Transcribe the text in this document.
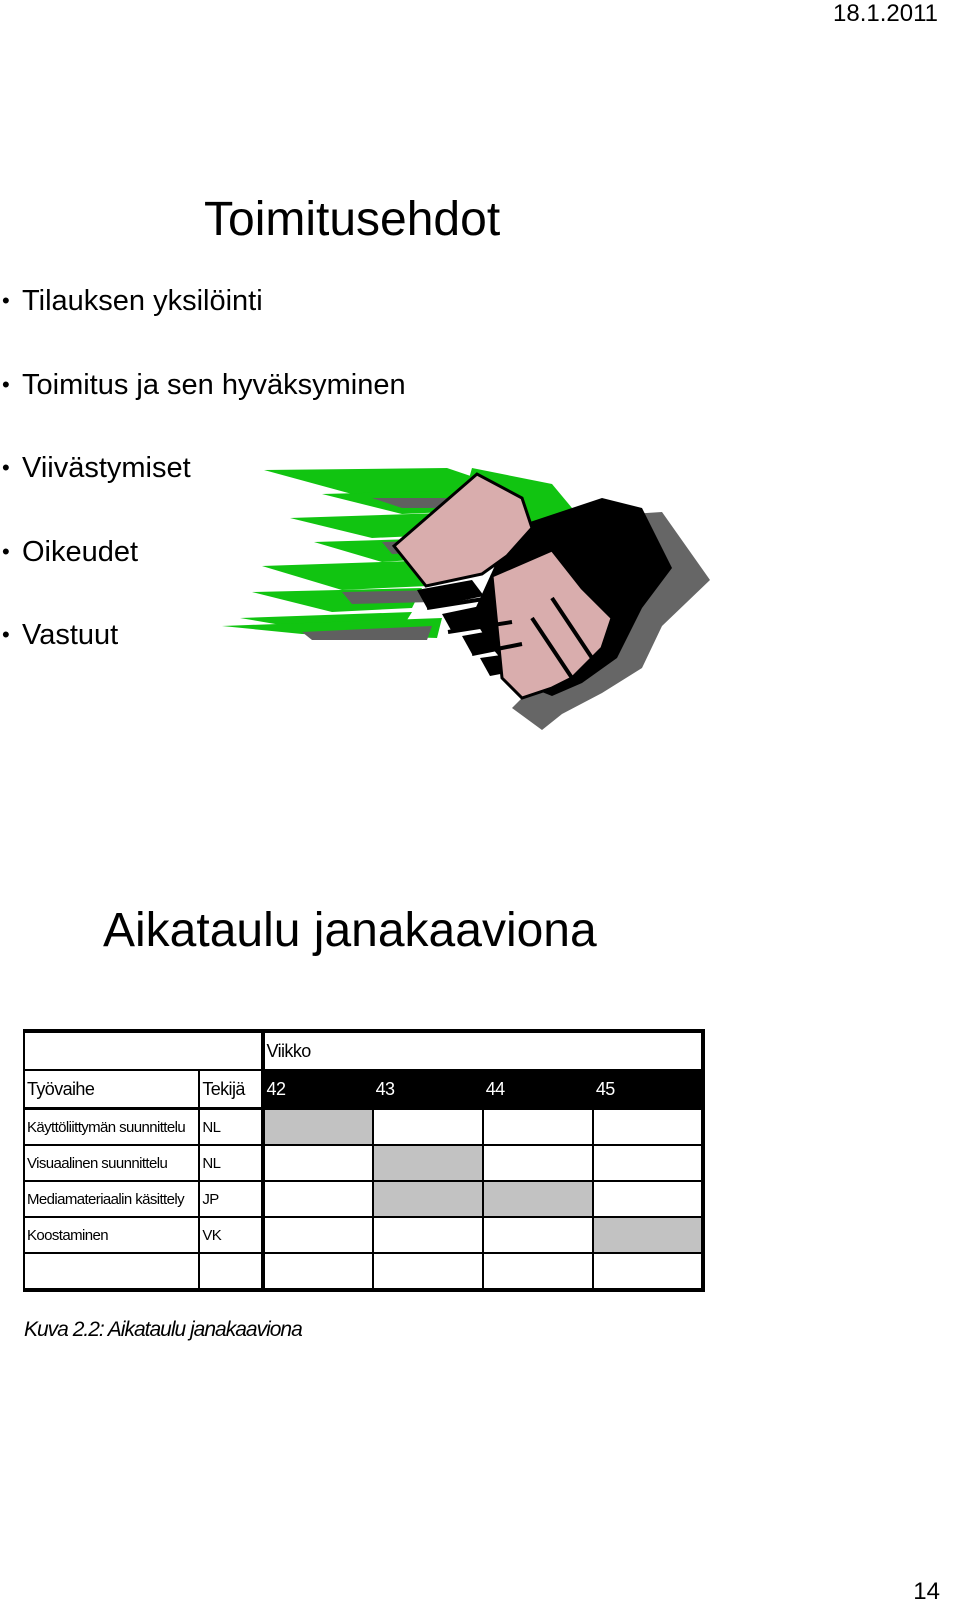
18.1.2011
Toimitusehdot
• Tilauksen yksilöinti
• Toimitus ja sen hyväksyminen
• Viivästymiset
• Oikeudet
• Vastuut
Aikataulu janakaaviona
		Viikko			
Työvaihe	Tekijä	42	43	44	45
Käyttöliittymän suunnittelu	NL				
Visuaalinen suunnittelu	NL				
Mediamateriaalin käsittely	JP				
Koostaminen	VK				

Kuva 2.2: Aikataulu janakaaviona
14
